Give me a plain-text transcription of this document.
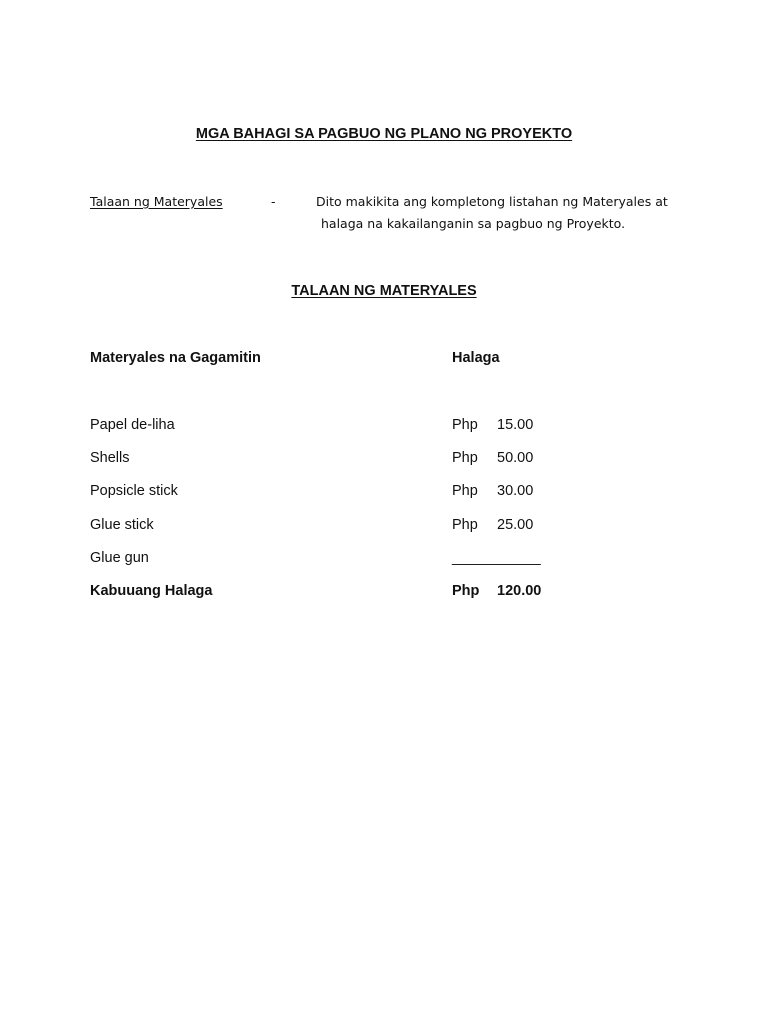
MGA BAHAGI SA PAGBUO NG PLANO NG PROYEKTO
Talaan ng Materyales	-	Dito makikita ang kompletong listahan ng Materyales at
halaga na kakailanganin sa pagbuo ng Proyekto.
TALAAN NG MATERYALES
Materyales na Gagamitin	Halaga
Papel de-liha	Php 15.00
Shells	Php 50.00
Popsicle stick	Php 30.00
Glue stick	Php 25.00
Glue gun	___________
Kabuuang Halaga	Php 120.00
